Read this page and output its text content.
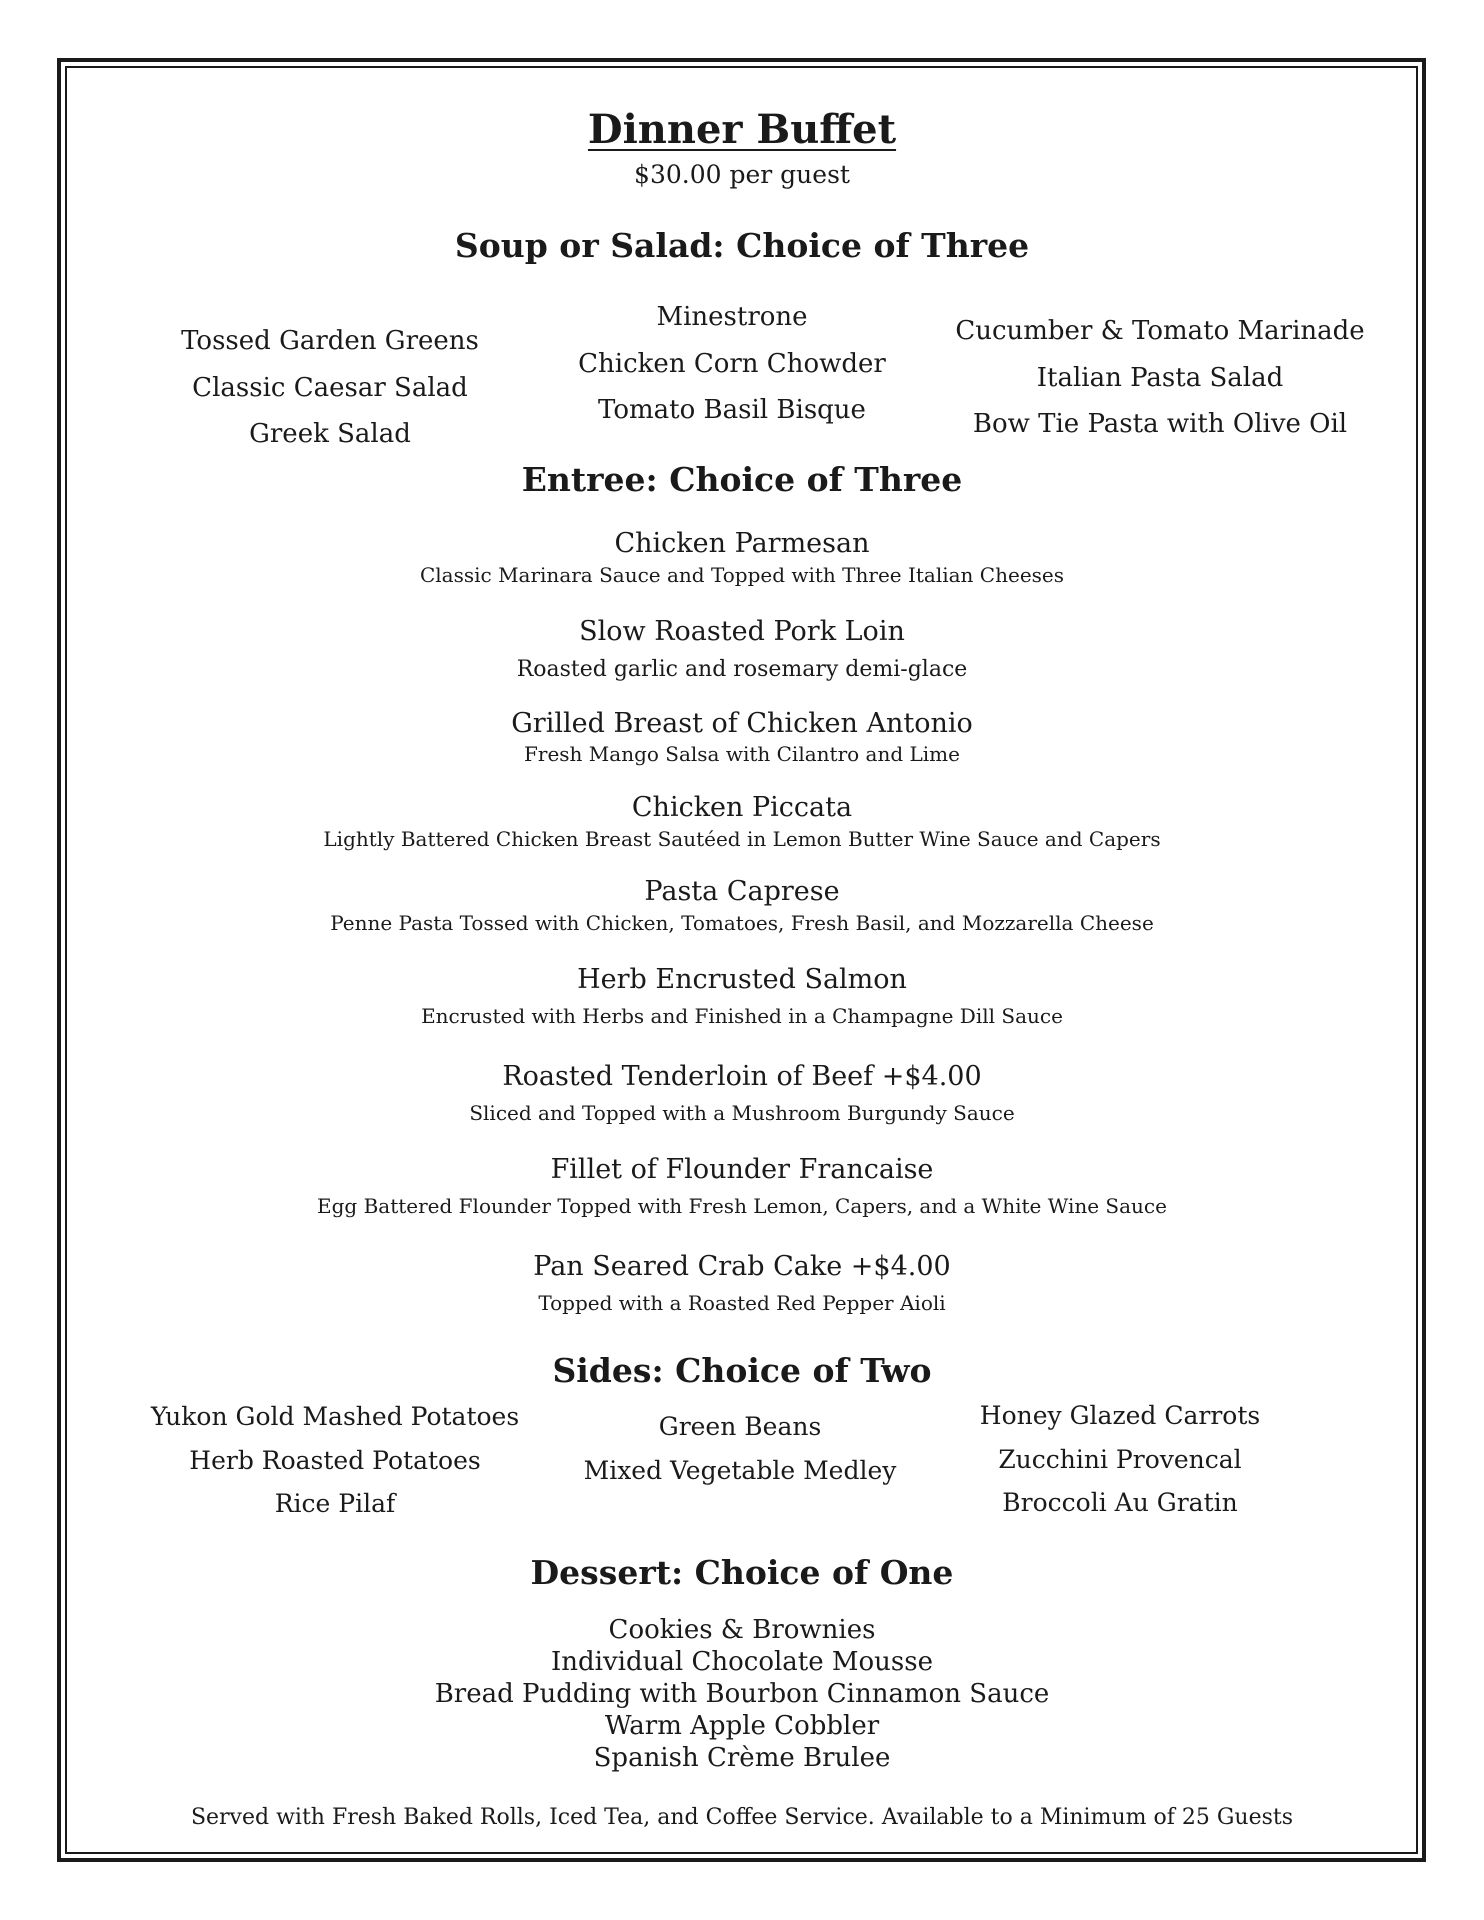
Dinner Buffet
$30.00 per guest
Soup or Salad: Choice of Three
Tossed Garden Greens
Classic Caesar Salad
Greek Salad
Minestrone
Chicken Corn Chowder
Tomato Basil Bisque
Cucumber & Tomato Marinade
Italian Pasta Salad
Bow Tie Pasta with Olive Oil
Entree: Choice of Three
Chicken Parmesan
Classic Marinara Sauce and Topped with Three Italian Cheeses
Slow Roasted Pork Loin
Roasted garlic and rosemary demi-glace
Grilled Breast of Chicken Antonio
Fresh Mango Salsa with Cilantro and Lime
Chicken Piccata
Lightly Battered Chicken Breast Sautéed in Lemon Butter Wine Sauce and Capers
Pasta Caprese
Penne Pasta Tossed with Chicken, Tomatoes, Fresh Basil, and Mozzarella Cheese
Herb Encrusted Salmon
Encrusted with Herbs and Finished in a Champagne Dill Sauce
Roasted Tenderloin of Beef +$4.00
Sliced and Topped with a Mushroom Burgundy Sauce
Fillet of Flounder Francaise
Egg Battered Flounder Topped with Fresh Lemon, Capers, and a White Wine Sauce
Pan Seared Crab Cake +$4.00
Topped with a Roasted Red Pepper Aioli
Sides: Choice of Two
Yukon Gold Mashed Potatoes
Herb Roasted Potatoes
Rice Pilaf
Green Beans
Mixed Vegetable Medley
Honey Glazed Carrots
Zucchini Provencal
Broccoli Au Gratin
Dessert: Choice of One
Cookies & Brownies
Individual Chocolate Mousse
Bread Pudding with Bourbon Cinnamon Sauce
Warm Apple Cobbler
Spanish Crème Brulee
Served with Fresh Baked Rolls, Iced Tea, and Coffee Service. Available to a Minimum of 25 Guests
